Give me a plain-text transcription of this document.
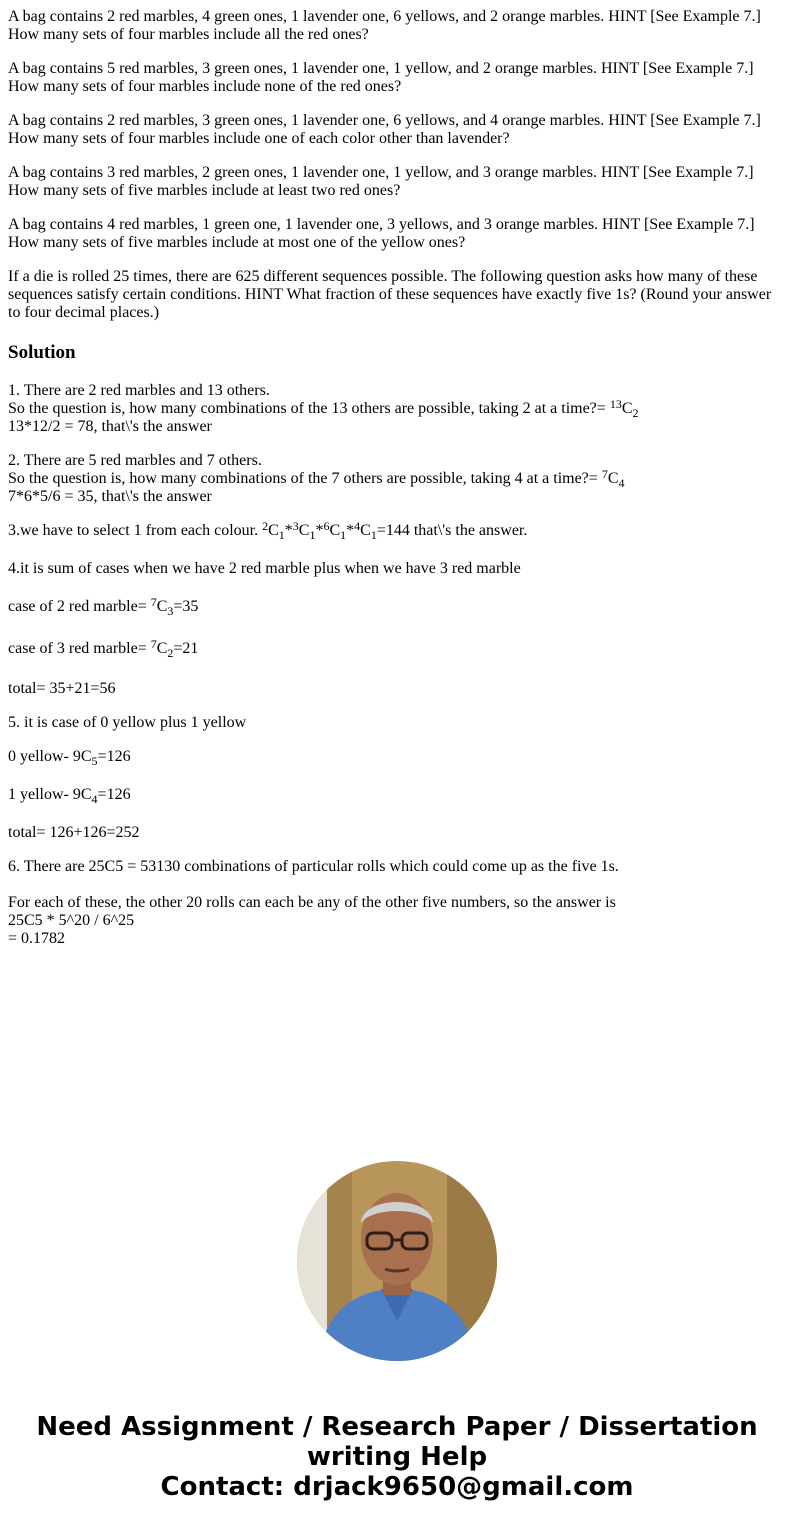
A bag contains 2 red marbles, 4 green ones, 1 lavender one, 6 yellows, and 2 orange marbles. HINT [See Example 7.]
How many sets of four marbles include all the red ones?
A bag contains 5 red marbles, 3 green ones, 1 lavender one, 1 yellow, and 2 orange marbles. HINT [See Example 7.]
How many sets of four marbles include none of the red ones?
A bag contains 2 red marbles, 3 green ones, 1 lavender one, 6 yellows, and 4 orange marbles. HINT [See Example 7.]
How many sets of four marbles include one of each color other than lavender?
A bag contains 3 red marbles, 2 green ones, 1 lavender one, 1 yellow, and 3 orange marbles. HINT [See Example 7.]
How many sets of five marbles include at least two red ones?
A bag contains 4 red marbles, 1 green one, 1 lavender one, 3 yellows, and 3 orange marbles. HINT [See Example 7.]
How many sets of five marbles include at most one of the yellow ones?
If a die is rolled 25 times, there are 625 different sequences possible. The following question asks how many of these sequences satisfy certain conditions. HINT What fraction of these sequences have exactly five 1s? (Round your answer to four decimal places.)
Solution
1. There are 2 red marbles and 13 others.
So the question is, how many combinations of the 13 others are possible, taking 2 at a time?= $^{13}C_2$
13*12/2 = 78, that\'s the answer
2. There are 5 red marbles and 7 others.
So the question is, how many combinations of the 7 others are possible, taking 4 at a time?= $^7C_4$
7*6*5/6 = 35, that\'s the answer

3.we have to select 1 from each colour. $^2C_1*^3C_1*^6C_1*^4C_1=144$ that\'s the answer.

4.it is sum of cases when we have 2 red marble plus when we have 3 red marble

case of 2 red marble= $^7C_3=35$

case of 3 red marble= $^7C_2=21$

total= 35+21=56

5. it is case of 0 yellow plus 1 yellow

0 yellow- $9C_5=126$

1 yellow- $9C_4=126$

total= 126+126=252

6. There are 25C5 = 53130 combinations of particular rolls which could come up as the five 1s.

For each of these, the other 20 rolls can each be any of the other five numbers, so the answer is
25C5 * 5^20 / 6^25
= 0.1782
Need Assignment / Research Paper / Dissertation
writing Help
Contact: drjack9650@gmail.com
